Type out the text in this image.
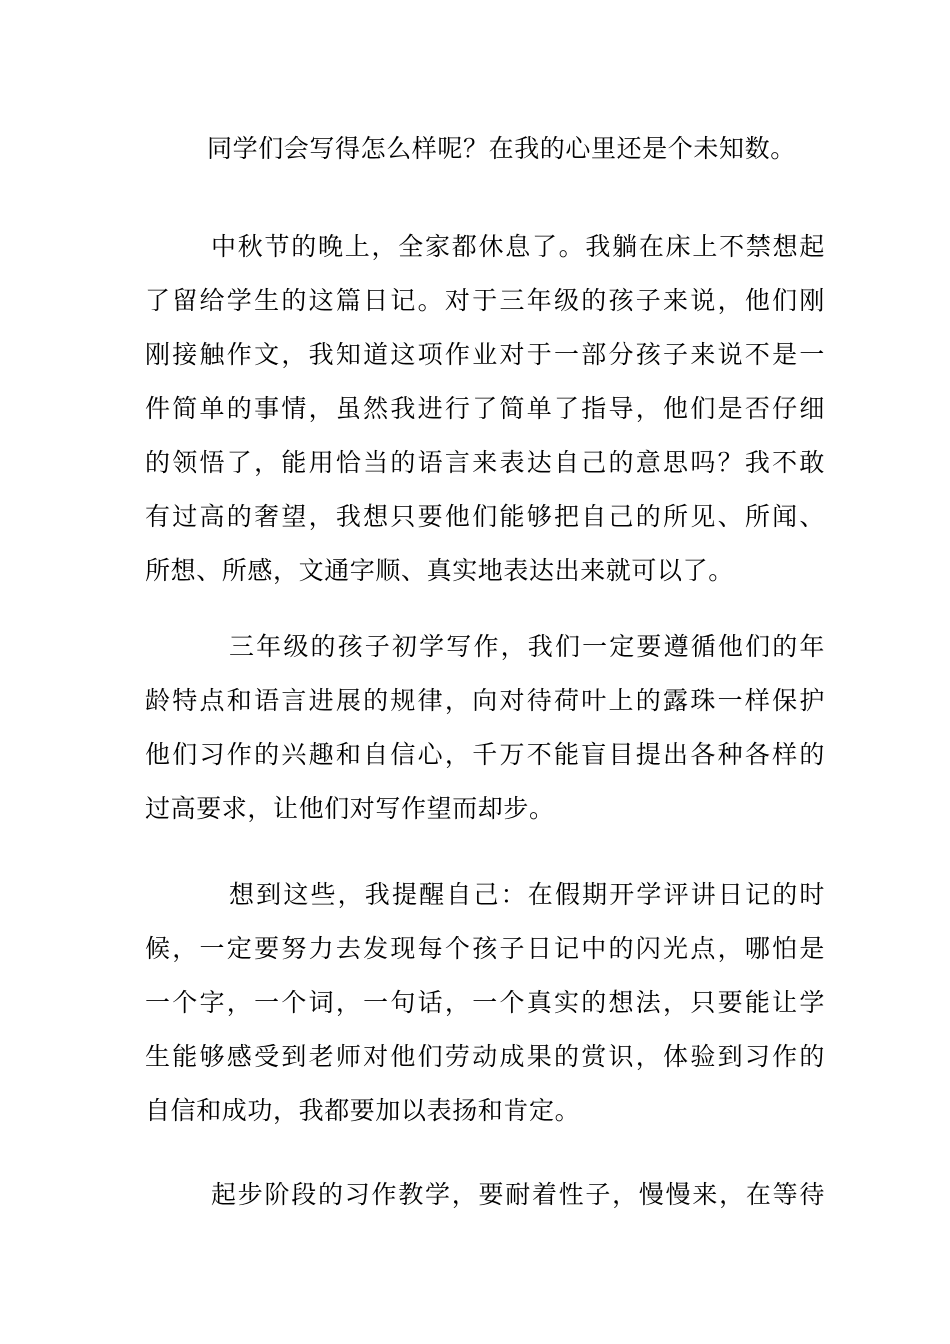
同学们会写得怎么样呢？在我的心里还是个未知数。

中秋节的晚上，全家都休息了。我躺在床上不禁想起
了留给学生的这篇日记。对于三年级的孩子来说，他们刚
刚接触作文，我知道这项作业对于一部分孩子来说不是一
件简单的事情，虽然我进行了简单了指导，他们是否仔细
的领悟了，能用恰当的语言来表达自己的意思吗？我不敢
有过高的奢望，我想只要他们能够把自己的所见、所闻、
所想、所感，文通字顺、真实地表达出来就可以了。

三年级的孩子初学写作，我们一定要遵循他们的年
龄特点和语言进展的规律，向对待荷叶上的露珠一样保护
他们习作的兴趣和自信心，千万不能盲目提出各种各样的
过高要求，让他们对写作望而却步。

想到这些，我提醒自己：在假期开学评讲日记的时
候，一定要努力去发现每个孩子日记中的闪光点，哪怕是
一个字，一个词，一句话，一个真实的想法，只要能让学
生能够感受到老师对他们劳动成果的赏识，体验到习作的
自信和成功，我都要加以表扬和肯定。

起步阶段的习作教学，要耐着性子，慢慢来，在等待
